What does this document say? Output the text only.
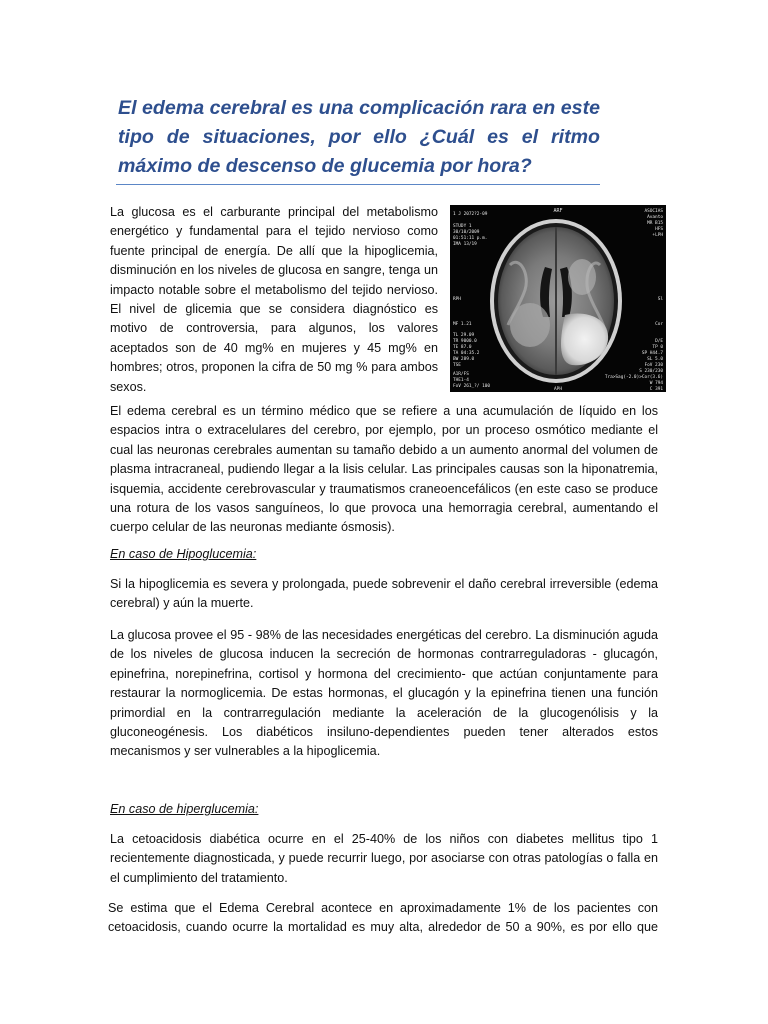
El edema cerebral es una complicación rara en este tipo de situaciones, por ello ¿Cuál es el ritmo máximo de descenso de glucemia por hora?

La glucosa es el carburante principal del metabolismo energético y fundamental para el tejido nervioso como fuente principal de energía. De allí que la hipoglicemia, disminución en los niveles de glucosa en sangre, tenga un impacto notable sobre el metabolismo del tejido nervioso. El nivel de glicemia que se considera diagnóstico es motivo de controversia, para algunos, los valores aceptados son de 40 mg% en mujeres y 45 mg% en hombres; otros, proponen la cifra de 50 mg % para ambos sexos.

ARF
1 J 2072?2-09
STUDY 1
30/10/2009
01:51:11 p.m.
IMA 13/19
RPH
MF 1.21
TL 29.09
TR 9000.0
TE 87.0
TA 04:35.2
BW 289.0
TSE
A1R/FS
THE1-4
FoV 261_?/ 100
ASOCIAS
Avanto
MR B15
HFS
+LPH
Sl
Cor
D/E
TP 0
SP H44.7
SL 5.0
FoV 230
S 230/230
Tra>Sag(-2.0)>Cor(3.6)
W 794
C 391
APH

El edema cerebral es un término médico que se refiere a una acumulación de líquido en los espacios intra o extracelulares del cerebro, por ejemplo, por un proceso osmótico mediante el cual las neuronas cerebrales aumentan su tamaño debido a un aumento anormal del volumen de plasma intracraneal, pudiendo llegar a la lisis celular. Las principales causas son la hiponatremia, isquemia, accidente cerebrovascular y traumatismos craneoencefálicos (en este caso se produce una rotura de los vasos sanguíneos, lo que provoca una hemorragia cerebral, aumentando el cuerpo celular de las neuronas mediante ósmosis).

En caso de Hipoglucemia:

Si la hipoglicemia es severa y prolongada, puede sobrevenir el daño cerebral irreversible (edema cerebral) y aún la muerte.

La glucosa provee el 95 - 98% de las necesidades energéticas del cerebro. La disminución aguda de los niveles de glucosa inducen la secreción de hormonas contrarreguladoras - glucagón, epinefrina, norepinefrina, cortisol y hormona del crecimiento- que actúan conjuntamente para restaurar la normoglicemia. De estas hormonas, el glucagón y la epinefrina tienen una función primordial en la contrarregulación mediante la aceleración de la glucogenólisis y la gluconeogénesis. Los diabéticos insiluno-dependientes pueden tener alterados estos mecanismos y ser vulnerables a la hipoglicemia.

En caso de hiperglucemia:

La cetoacidosis diabética ocurre en el 25-40% de los niños con diabetes mellitus tipo 1 recientemente diagnosticada, y puede recurrir luego, por asociarse con otras patologías o falla en el cumplimiento del tratamiento.

Se estima que el Edema Cerebral acontece en aproximadamente 1% de los pacientes con cetoacidosis, cuando ocurre la mortalidad es muy alta, alrededor de 50 a 90%, es por ello que
